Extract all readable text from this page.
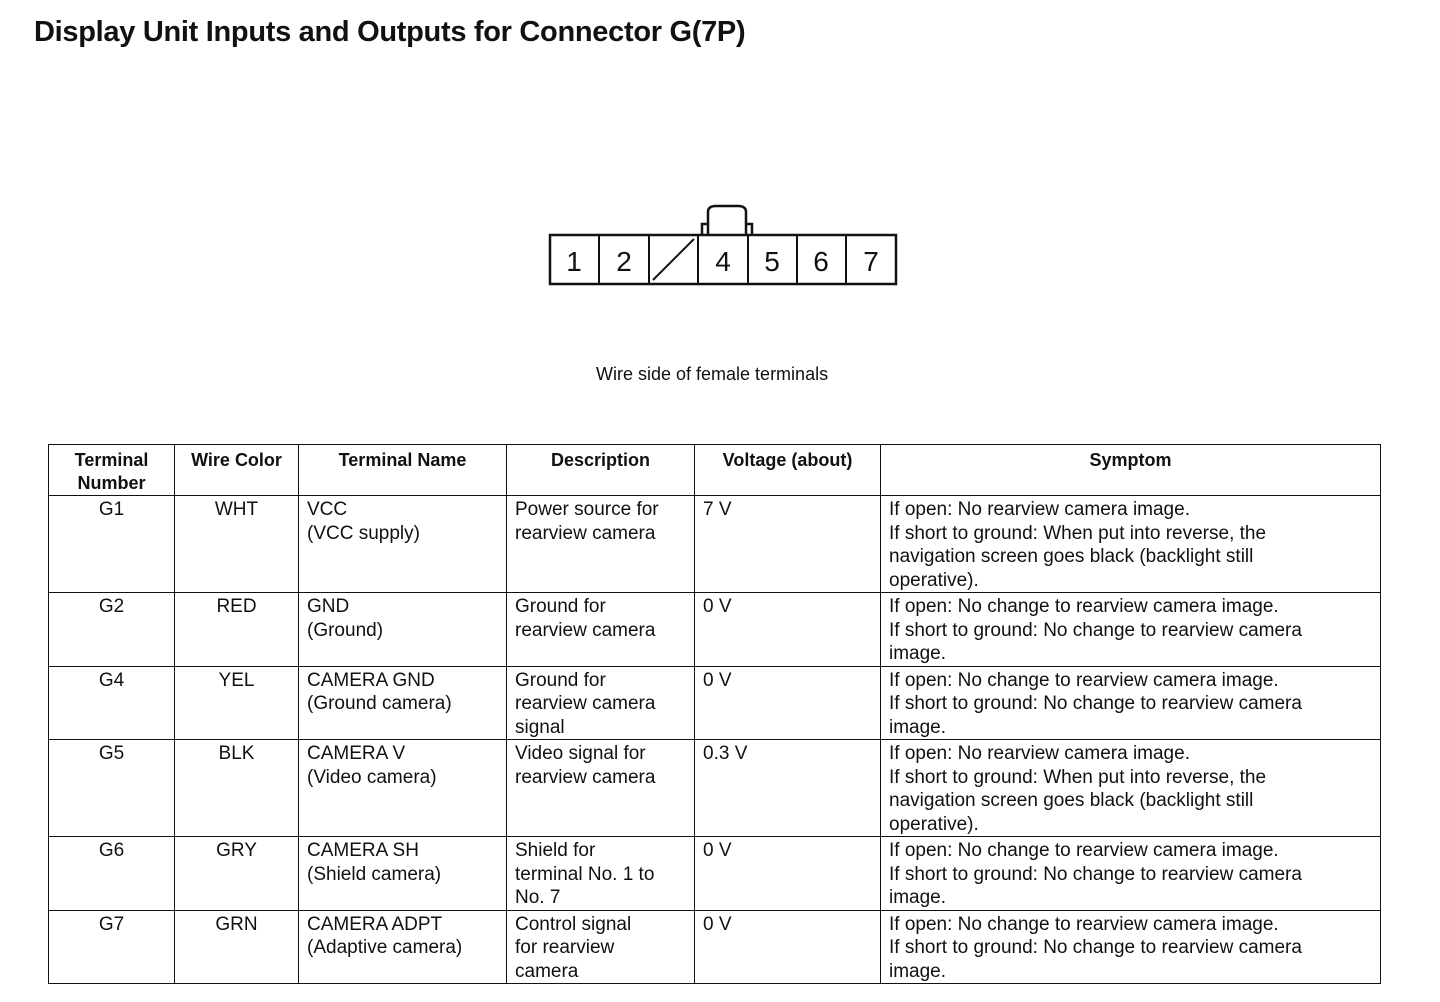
Display Unit Inputs and Outputs for Connector G(7P)
1 2	4 5 6 7
Wire side of female terminals
Terminal Number	Wire Color	Terminal Name	Description	Voltage (about)	Symptom
G1	WHT	VCC
(VCC supply)	Power source for
rearview camera	7 V	If open: No rearview camera image.
If short to ground: When put into reverse, the
navigation screen goes black (backlight still
operative).

G2	RED	GND
(Ground)	Ground for
rearview camera	0 V	If open: No change to rearview camera image.
If short to ground: No change to rearview camera
image.

G4	YEL	CAMERA GND
(Ground camera)	Ground for
rearview camera
signal	0 V	If open: No change to rearview camera image.
If short to ground: No change to rearview camera
image.

G5	BLK	CAMERA V
(Video camera)	Video signal for
rearview camera	0.3 V	If open: No rearview camera image.
If short to ground: When put into reverse, the
navigation screen goes black (backlight still
operative).

G6	GRY	CAMERA SH
(Shield camera)	Shield for
terminal No. 1 to
No. 7	0 V	If open: No change to rearview camera image.
If short to ground: No change to rearview camera
image.

G7	GRN	CAMERA ADPT
(Adaptive camera)	Control signal
for rearview
camera	0 V	If open: No change to rearview camera image.
If short to ground: No change to rearview camera
image.
